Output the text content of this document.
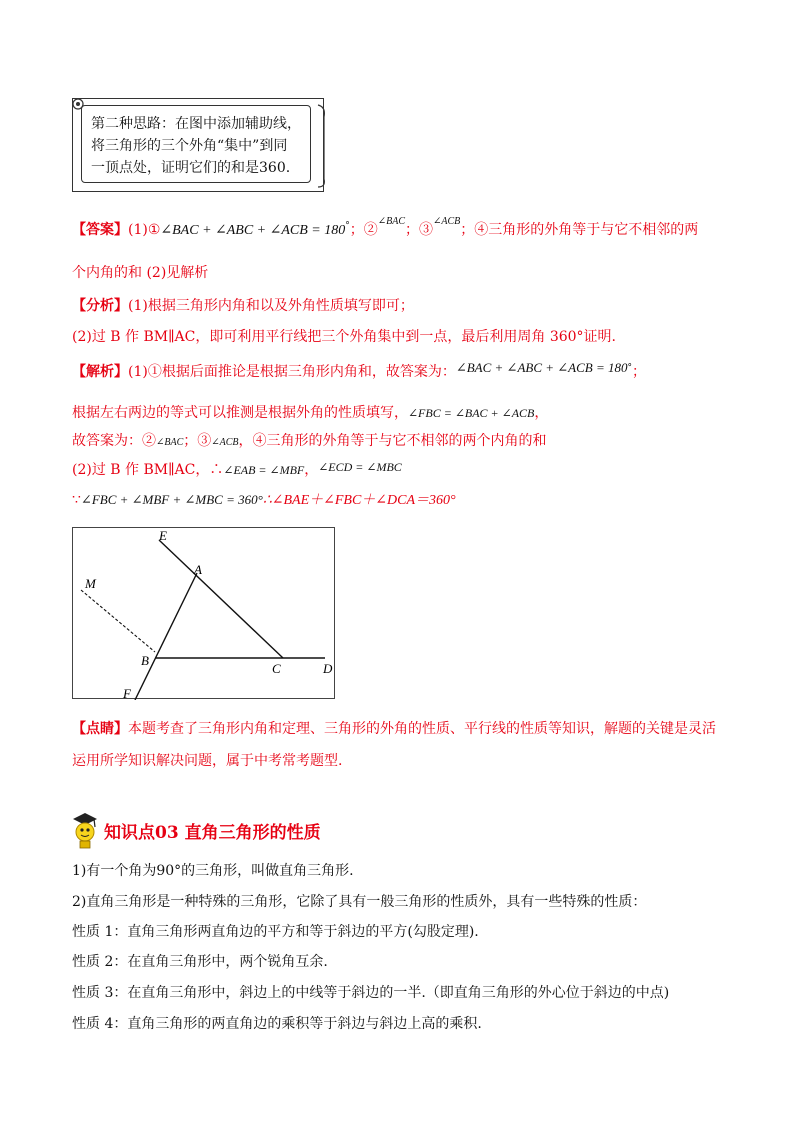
第二种思路：在图中添加辅助线，
将三角形的三个外角“集中”到同
一顶点处，证明它们的和是360.
【答案】(1)①∠BAC + ∠ABC + ∠ACB = 180°；②$^{\angle BAC}$；③$^{\angle ACB}$；④三角形的外角等于与它不相邻的两
个内角的和 (2)见解析
【分析】(1)根据三角形内角和以及外角性质填写即可；
(2)过 B 作 BM∥AC，即可利用平行线把三个外角集中到一点，最后利用周角 360°证明.
【解析】(1)①根据后面推论是根据三角形内角和，故答案为：∠BAC + ∠ABC + ∠ACB = 180°；
根据左右两边的等式可以推测是根据外角的性质填写，∠FBC = ∠BAC + ∠ACB，
故答案为：②∠BAC；③∠ACB，④三角形的外角等于与它不相邻的两个内角的和
(2)过 B 作 BM∥AC，∴∠EAB = ∠MBF，∠ECD = ∠MBC
∵∠FBC + ∠MBF + ∠MBC = 360°∴∠BAE＋∠FBC＋∠DCA＝360°
E
A
M
B
C	D
F
【点睛】本题考查了三角形内角和定理、三角形的外角的性质、平行线的性质等知识，解题的关键是灵活
运用所学知识解决问题，属于中考常考题型.
知识点03 直角三角形的性质
1)有一个角为90°的三角形，叫做直角三角形.
2)直角三角形是一种特殊的三角形，它除了具有一般三角形的性质外，具有一些特殊的性质：
性质 1：直角三角形两直角边的平方和等于斜边的平方(勾股定理).
性质 2：在直角三角形中，两个锐角互余.
性质 3：在直角三角形中，斜边上的中线等于斜边的一半.（即直角三角形的外心位于斜边的中点)
性质 4：直角三角形的两直角边的乘积等于斜边与斜边上高的乘积.
